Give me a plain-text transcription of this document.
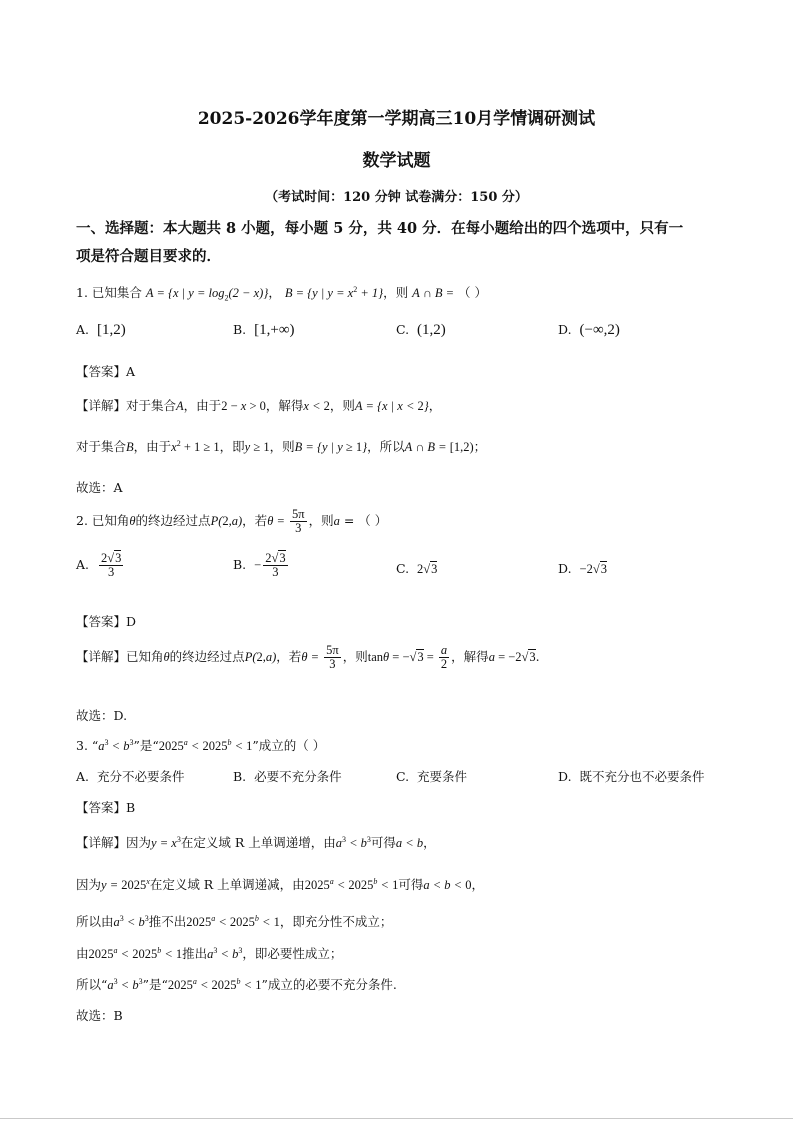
2025-2026学年度第一学期高三10月学情调研测试
数学试题
（考试时间：120 分钟 试卷满分：150 分）
一、选择题：本大题共 8 小题，每小题 5 分，共 40 分．在每小题给出的四个选项中，只有一
项是符合题目要求的．
1. 已知集合 A = {x | $y = \log_2(2 - x)$}， B = {y | $y = x^2 + 1$}，则 A ∩ B = （ ）
A. [1,2)	B. [1,+∞)	C. (1,2)	D. (−∞,2)
【答案】A
【详解】对于集合A，由于2 − x > 0，解得x < 2，则A = {x | x < 2}，
对于集合B，由于$x^2 + 1 \ge 1$，即y ≥ 1，则B = {y | y ≥ 1}，所以A ∩ B = [1,2)；
故选：A
2. 已知角θ的终边经过点P(2,a)，若$\theta = \frac{5\pi}{3}$ ，则a = （ ）
A. $\frac{2√3}{3}$	B. − $\frac{2√3}{3}$	C. 2√3	D. −2√3
【答案】D
【详解】已知角θ的终边经过点P(2,a)，若$\theta = \frac{5\pi}{3}$ ，则$\tan\theta = -√3 = \frac{a}{2}$ ，解得a = −2√3.
故选：D.
3. “$a^3 < b^3$”是“$2025^a < 2025^b < 1$”成立的（ ）
A. 充分不必要条件	B. 必要不充分条件	C. 充要条件	D. 既不充分也不必要条件
【答案】B
【详解】因为$y = x^3$在定义域 R 上单调递增，由$a^3 < b^3$可得a < b，
因为$y = 2025^x$在定义域 R 上单调递减，由$2025^a < 2025^b < 1$可得a < b < 0，
所以由$a^3 < b^3$推不出$2025^a < 2025^b < 1$，即充分性不成立；
由$2025^a < 2025^b < 1$推出$a^3 < b^3$，即必要性成立；
所以“$a^3 < b^3$”是“$2025^a < 2025^b < 1$”成立的必要不充分条件.
故选：B
